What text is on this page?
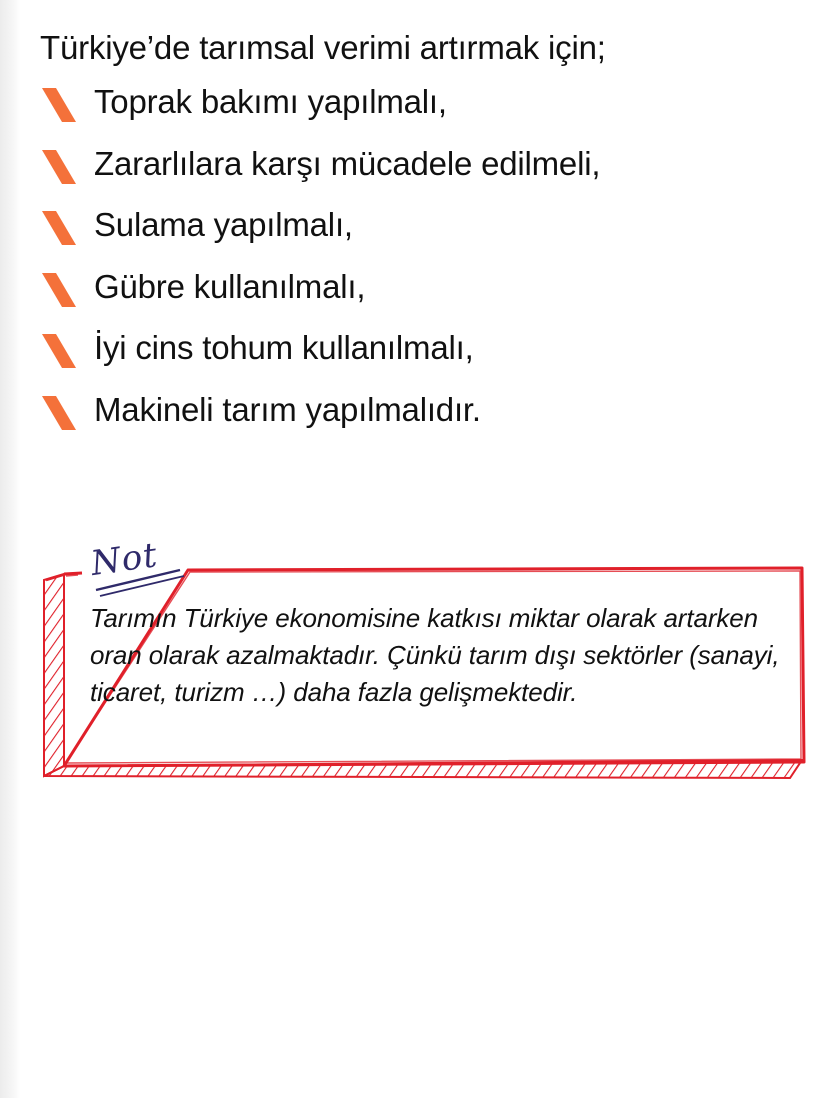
Türkiye’de tarımsal verimi artırmak için;
Toprak bakımı yapılmalı,
Zararlılara karşı mücadele edilmeli,
Sulama yapılmalı,
Gübre kullanılmalı,
İyi cins tohum kullanılmalı,
Makineli tarım yapılmalıdır.
Not
Tarımın Türkiye ekonomisine katkısı miktar olarak artarken oran olarak azalmaktadır. Çünkü tarım dışı sektörler (sanayi, ticaret, turizm …) daha fazla gelişmektedir.
